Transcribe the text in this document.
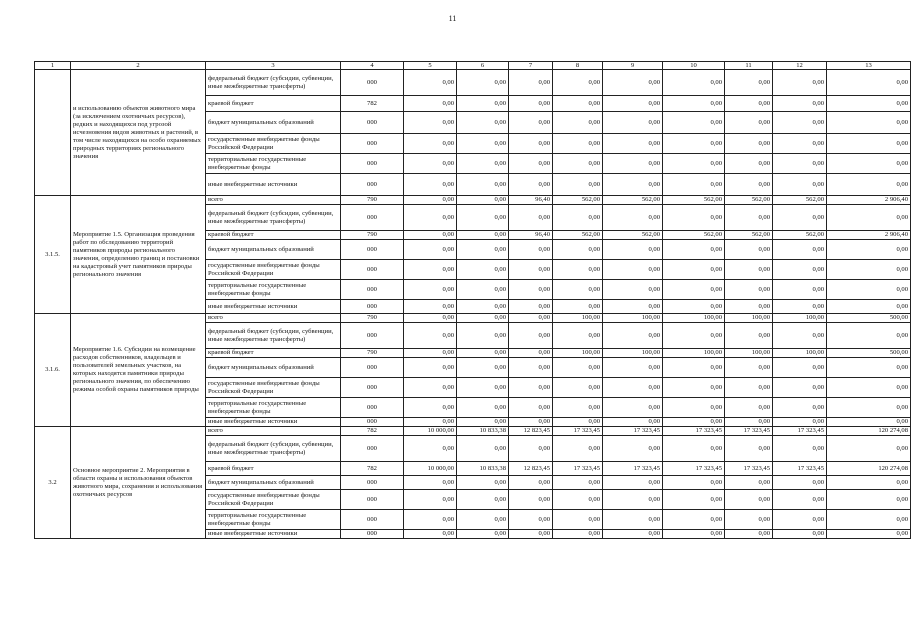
11
1	2	3	4	5	6	7	8	9	10	11	12	13
	и использованию объектов животного мира (за исключением охотничьих ресурсов), редких и находящихся под угрозой исчезновения видов животных и растений, в том числе находящихся на особо охраняемых природных территориях регионального значения	федеральный бюджет (субсидии, субвенции, иные межбюджетные трансферты)	000	0,00	0,00	0,00	0,00	0,00	0,00	0,00	0,00	0,00
		краевой бюджет	782	0,00	0,00	0,00	0,00	0,00	0,00	0,00	0,00	0,00
		бюджет муниципальных образований	000	0,00	0,00	0,00	0,00	0,00	0,00	0,00	0,00	0,00
		государственные внебюджетные фонды Российской Федерации	000	0,00	0,00	0,00	0,00	0,00	0,00	0,00	0,00	0,00
		территориальные государственные внебюджетные фонды	000	0,00	0,00	0,00	0,00	0,00	0,00	0,00	0,00	0,00
		иные внебюджетные источники	000	0,00	0,00	0,00	0,00	0,00	0,00	0,00	0,00	0,00
3.1.5.	Мероприятие 1.5. Организация проведения работ по обследованию территорий памятников природы регионального значения, определению границ и постановки на кадастровый учет памятников природы регионального значения	всего	790	0,00	0,00	96,40	562,00	562,00	562,00	562,00	562,00	2 906,40
		федеральный бюджет (субсидии, субвенции, иные межбюджетные трансферты)	000	0,00	0,00	0,00	0,00	0,00	0,00	0,00	0,00	0,00
		краевой бюджет	790	0,00	0,00	96,40	562,00	562,00	562,00	562,00	562,00	2 906,40
		бюджет муниципальных образований	000	0,00	0,00	0,00	0,00	0,00	0,00	0,00	0,00	0,00
		государственные внебюджетные фонды Российской Федерации	000	0,00	0,00	0,00	0,00	0,00	0,00	0,00	0,00	0,00
		территориальные государственные внебюджетные фонды	000	0,00	0,00	0,00	0,00	0,00	0,00	0,00	0,00	0,00
		иные внебюджетные источники	000	0,00	0,00	0,00	0,00	0,00	0,00	0,00	0,00	0,00
3.1.6.	Мероприятие 1.6. Субсидии на возмещение расходов собственников, владельцев и пользователей земельных участков, на которых находятся памятники природы регионального значения, по обеспечению режима особой охраны памятников природы	всего	790	0,00	0,00	0,00	100,00	100,00	100,00	100,00	100,00	500,00
		федеральный бюджет (субсидии, субвенции, иные межбюджетные трансферты)	000	0,00	0,00	0,00	0,00	0,00	0,00	0,00	0,00	0,00
		краевой бюджет	790	0,00	0,00	0,00	100,00	100,00	100,00	100,00	100,00	500,00
		бюджет муниципальных образований	000	0,00	0,00	0,00	0,00	0,00	0,00	0,00	0,00	0,00
		государственные внебюджетные фонды Российской Федерации	000	0,00	0,00	0,00	0,00	0,00	0,00	0,00	0,00	0,00
		территориальные государственные внебюджетные фонды	000	0,00	0,00	0,00	0,00	0,00	0,00	0,00	0,00	0,00
		иные внебюджетные источники	000	0,00	0,00	0,00	0,00	0,00	0,00	0,00	0,00	0,00
3.2	Основное мероприятие 2. Мероприятия в области охраны и использования объектов животного мира, сохранения и использования охотничьих ресурсов	всего	782	10 000,00	10 833,38	12 823,45	17 323,45	17 323,45	17 323,45	17 323,45	17 323,45	120 274,08
		федеральный бюджет (субсидии, субвенции, иные межбюджетные трансферты)	000	0,00	0,00	0,00	0,00	0,00	0,00	0,00	0,00	0,00
		краевой бюджет	782	10 000,00	10 833,38	12 823,45	17 323,45	17 323,45	17 323,45	17 323,45	17 323,45	120 274,08
		бюджет муниципальных образований	000	0,00	0,00	0,00	0,00	0,00	0,00	0,00	0,00	0,00
		государственные внебюджетные фонды Российской Федерации	000	0,00	0,00	0,00	0,00	0,00	0,00	0,00	0,00	0,00
		территориальные государственные внебюджетные фонды	000	0,00	0,00	0,00	0,00	0,00	0,00	0,00	0,00	0,00
		иные внебюджетные источники	000	0,00	0,00	0,00	0,00	0,00	0,00	0,00	0,00	0,00
